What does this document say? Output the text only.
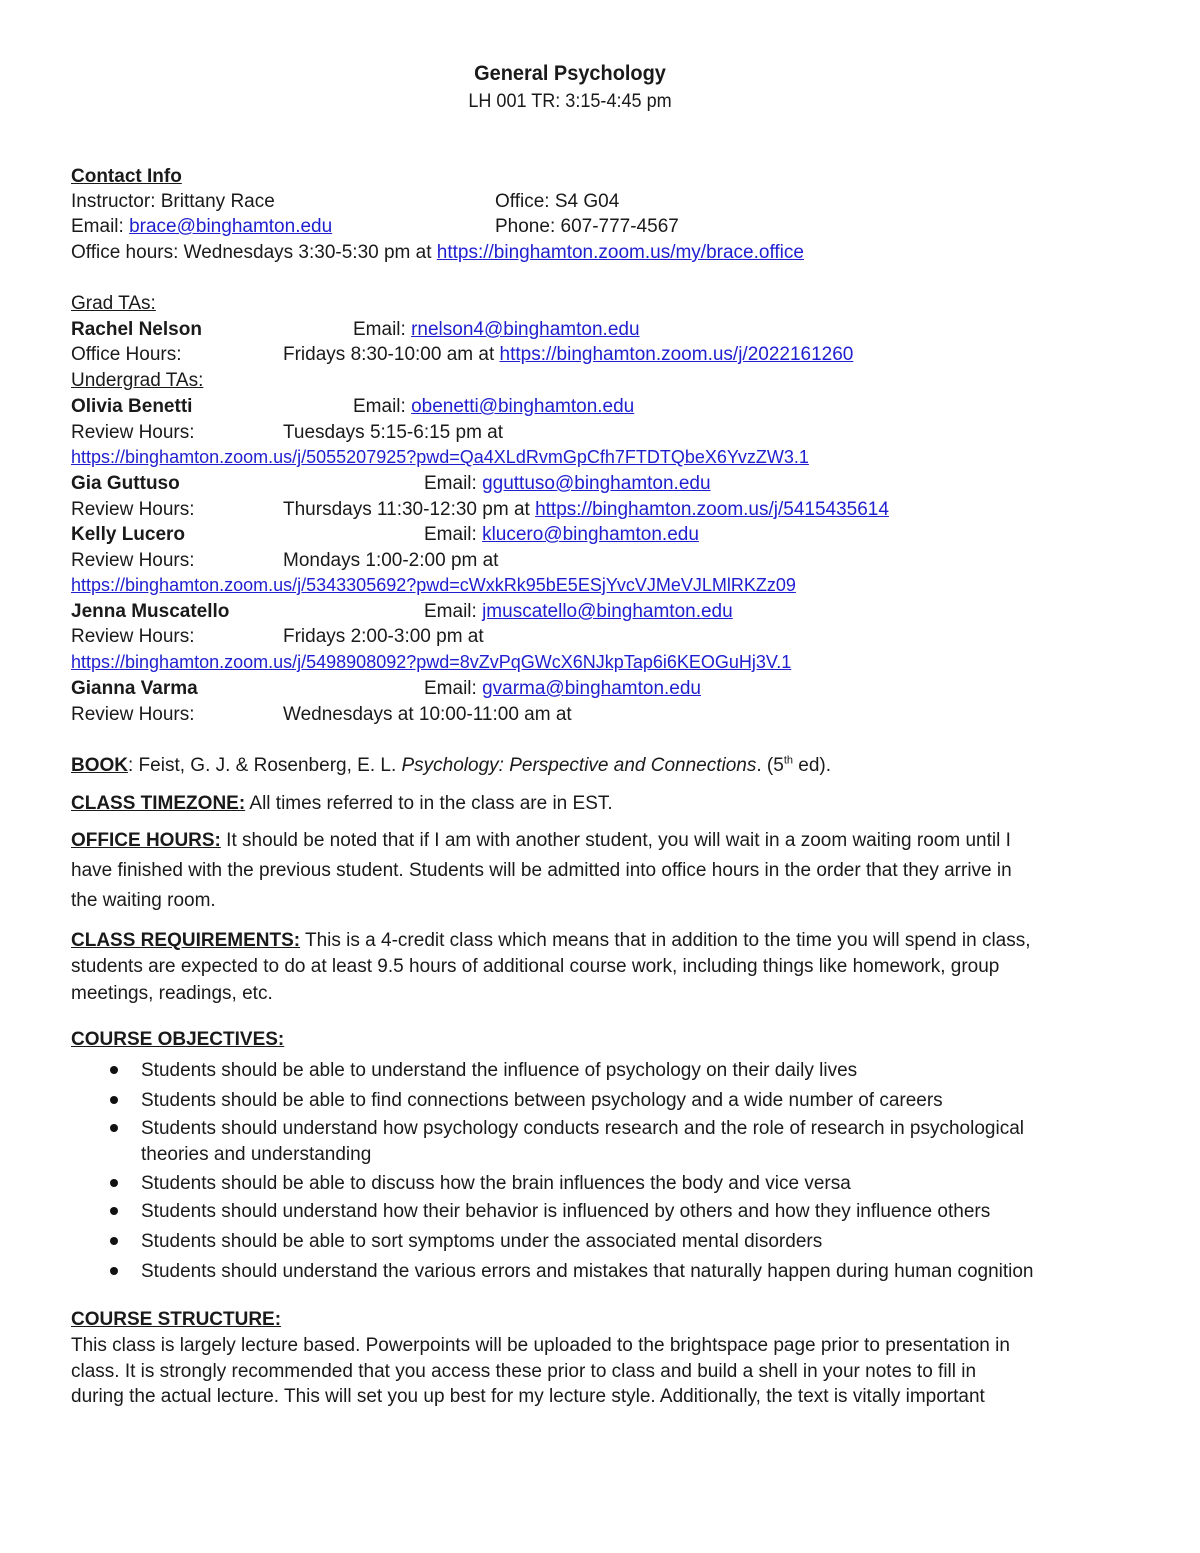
General Psychology
LH 001 TR: 3:15-4:45 pm
Contact Info
Instructor: Brittany Race	Office: S4 G04
Email: brace@binghamton.edu	Phone: 607-777-4567
Office hours: Wednesdays 3:30-5:30 pm at https://binghamton.zoom.us/my/brace.office
Grad TAs:
Rachel Nelson	Email: rnelson4@binghamton.edu
Office Hours:	Fridays 8:30-10:00 am at https://binghamton.zoom.us/j/2022161260
Undergrad TAs:
Olivia Benetti	Email: obenetti@binghamton.edu
Review Hours:	Tuesdays 5:15-6:15 pm at
https://binghamton.zoom.us/j/5055207925?pwd=Qa4XLdRvmGpCfh7FTDTQbeX6YvzZW3.1
Gia Guttuso	Email: gguttuso@binghamton.edu
Review Hours:	Thursdays 11:30-12:30 pm at https://binghamton.zoom.us/j/5415435614
Kelly Lucero	Email: klucero@binghamton.edu
Review Hours:	Mondays 1:00-2:00 pm at
https://binghamton.zoom.us/j/5343305692?pwd=cWxkRk95bE5ESjYvcVJMeVJLMlRKZz09
Jenna Muscatello	Email: jmuscatello@binghamton.edu
Review Hours:	Fridays 2:00-3:00 pm at
https://binghamton.zoom.us/j/5498908092?pwd=8vZvPqGWcX6NJkpTap6i6KEOGuHj3V.1
Gianna Varma	Email: gvarma@binghamton.edu
Review Hours:	Wednesdays at 10:00-11:00 am at
BOOK: Feist, G. J. & Rosenberg, E. L. Psychology: Perspective and Connections. (5th ed).
CLASS TIMEZONE: All times referred to in the class are in EST.
OFFICE HOURS: It should be noted that if I am with another student, you will wait in a zoom waiting room until I
have finished with the previous student. Students will be admitted into office hours in the order that they arrive in
the waiting room.
CLASS REQUIREMENTS: This is a 4-credit class which means that in addition to the time you will spend in class,
students are expected to do at least 9.5 hours of additional course work, including things like homework, group
meetings, readings, etc.
COURSE OBJECTIVES:
Students should be able to understand the influence of psychology on their daily lives
Students should be able to find connections between psychology and a wide number of careers
Students should understand how psychology conducts research and the role of research in psychological
theories and understanding
Students should be able to discuss how the brain influences the body and vice versa
Students should understand how their behavior is influenced by others and how they influence others
Students should be able to sort symptoms under the associated mental disorders
Students should understand the various errors and mistakes that naturally happen during human cognition
COURSE STRUCTURE:
This class is largely lecture based. Powerpoints will be uploaded to the brightspace page prior to presentation in
class. It is strongly recommended that you access these prior to class and build a shell in your notes to fill in
during the actual lecture. This will set you up best for my lecture style. Additionally, the text is vitally important
